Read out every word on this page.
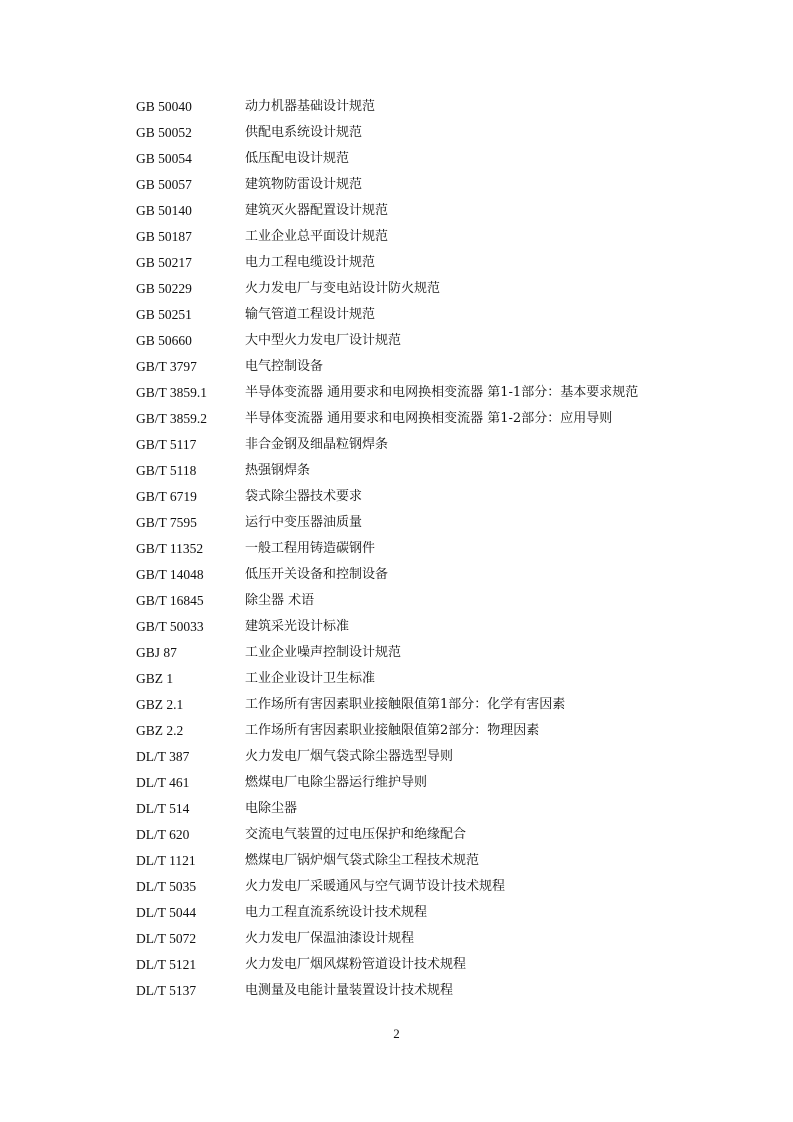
GB 50040	动力机器基础设计规范
GB 50052	供配电系统设计规范
GB 50054	低压配电设计规范
GB 50057	建筑物防雷设计规范
GB 50140	建筑灭火器配置设计规范
GB 50187	工业企业总平面设计规范
GB 50217	电力工程电缆设计规范
GB 50229	火力发电厂与变电站设计防火规范
GB 50251	输气管道工程设计规范
GB 50660	大中型火力发电厂设计规范
GB/T 3797	电气控制设备
GB/T 3859.1	半导体变流器 通用要求和电网换相变流器 第1-1部分：基本要求规范
GB/T 3859.2	半导体变流器 通用要求和电网换相变流器 第1-2部分：应用导则
GB/T 5117	非合金钢及细晶粒钢焊条
GB/T 5118	热强钢焊条
GB/T 6719	袋式除尘器技术要求
GB/T 7595	运行中变压器油质量
GB/T 11352	一般工程用铸造碳钢件
GB/T 14048	低压开关设备和控制设备
GB/T 16845	除尘器 术语
GB/T 50033	建筑采光设计标准
GBJ 87	工业企业噪声控制设计规范
GBZ 1	工业企业设计卫生标准
GBZ 2.1	工作场所有害因素职业接触限值第1部分：化学有害因素
GBZ 2.2	工作场所有害因素职业接触限值第2部分：物理因素
DL/T 387	火力发电厂烟气袋式除尘器选型导则
DL/T 461	燃煤电厂电除尘器运行维护导则
DL/T 514	电除尘器
DL/T 620	交流电气装置的过电压保护和绝缘配合
DL/T 1121	燃煤电厂锅炉烟气袋式除尘工程技术规范
DL/T 5035	火力发电厂采暖通风与空气调节设计技术规程
DL/T 5044	电力工程直流系统设计技术规程
DL/T 5072	火力发电厂保温油漆设计规程
DL/T 5121	火力发电厂烟风煤粉管道设计技术规程
DL/T 5137	电测量及电能计量装置设计技术规程
2
